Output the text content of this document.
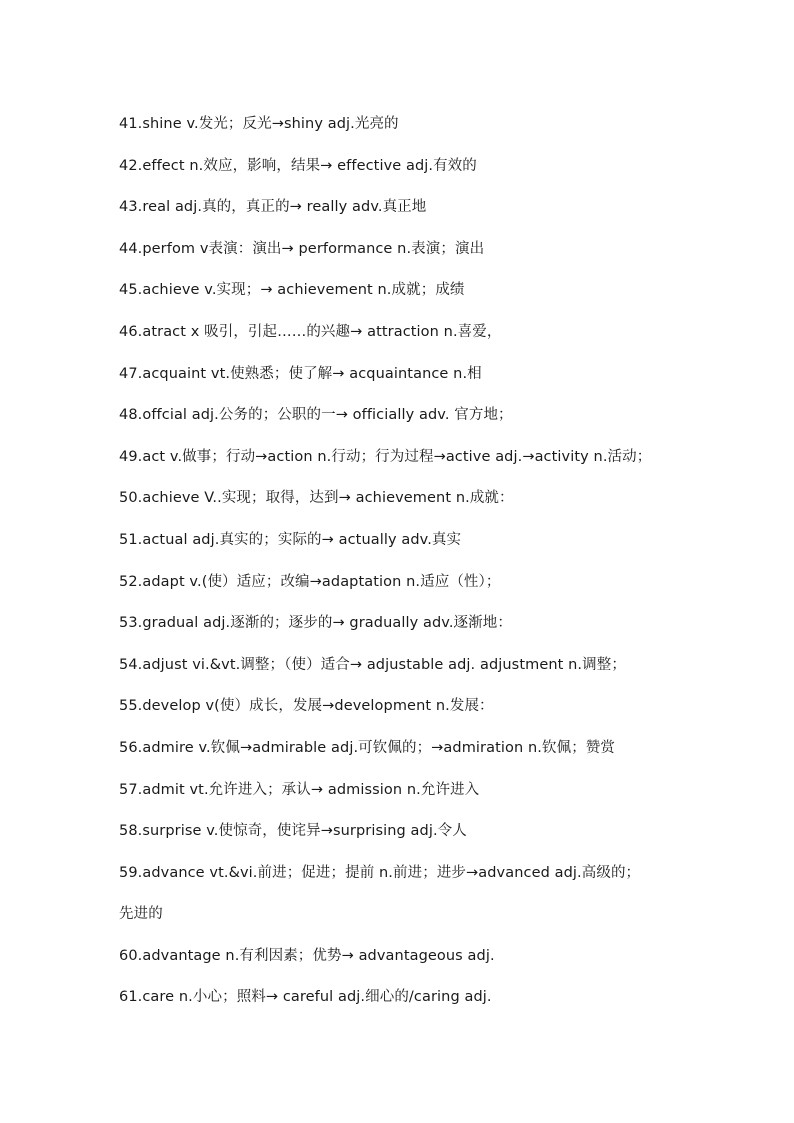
41.shine v.发光；反光→shiny adj.光亮的
42.effect n.效应，影响，结果→ effective adj.有效的
43.real adj.真的，真正的→ really adv.真正地
44.perfom v表演：演出→ performance n.表演；演出
45.achieve v.实现；→ achievement n.成就；成绩
46.atract x 吸引，引起……的兴趣→ attraction n.喜爱，
47.acquaint vt.使熟悉；使了解→ acquaintance n.相
48.offcial adj.公务的；公职的一→ officially adv. 官方地；
49.act v.做事；行动→action n.行动；行为过程→active adj.→activity n.活动；
50.achieve V..实现；取得，达到→ achievement n.成就：
51.actual adj.真实的；实际的→ actually adv.真实
52.adapt v.(使）适应；改编→adaptation n.适应（性）；
53.gradual adj.逐渐的；逐步的→ gradually adv.逐渐地：
54.adjust vi.&vt.调整；（使）适合→ adjustable adj. adjustment n.调整；
55.develop v(使）成长，发展→development n.发展：
56.admire v.钦佩→admirable adj.可钦佩的；→admiration n.钦佩；赞赏
57.admit vt.允许进入；承认→ admission n.允许进入
58.surprise v.使惊奇，使诧异→surprising adj.令人
59.advance vt.&vi.前进；促进；提前 n.前进；进步→advanced adj.高级的；
先进的
60.advantage n.有利因素；优势→ advantageous adj.
61.care n.小心；照料→ careful adj.细心的/caring adj.
